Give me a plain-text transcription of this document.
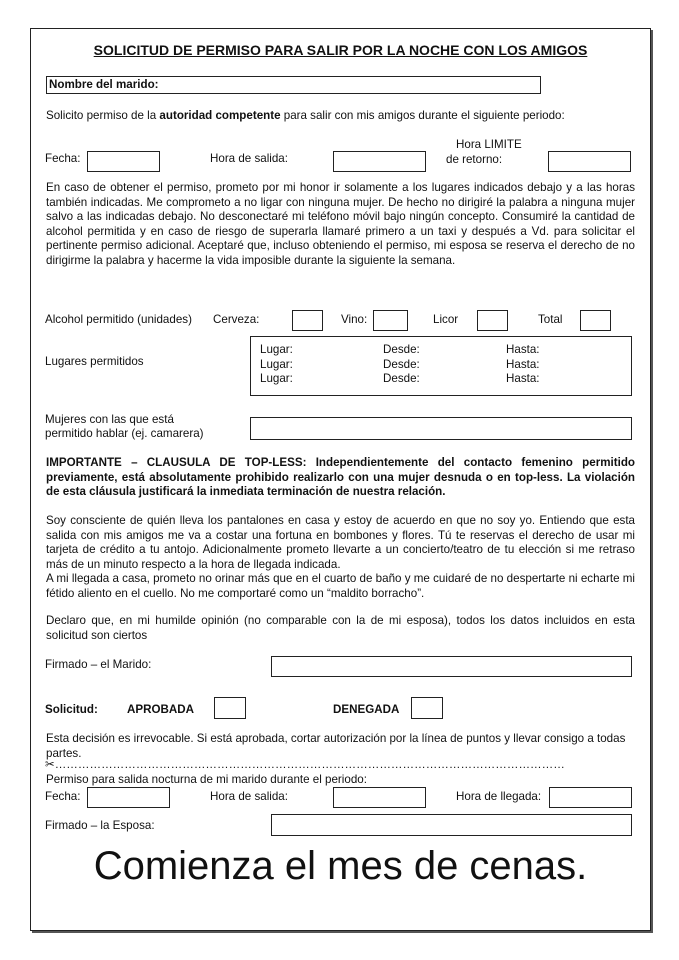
SOLICITUD DE PERMISO PARA SALIR POR LA NOCHE CON LOS AMIGOS
Nombre del marido:
Solicito permiso de la autoridad competente para salir con mis amigos durante el siguiente periodo:
Fecha:	Hora de salida:
Hora LIMITE
de retorno:
En caso de obtener el permiso, prometo por mi honor ir solamente a los lugares indicados debajo y a las horas también indicadas. Me comprometo a no ligar con ninguna mujer. De hecho no dirigiré la palabra a ninguna mujer salvo a las indicadas debajo. No desconectaré mi teléfono móvil bajo ningún concepto. Consumiré la cantidad de alcohol permitida y en caso de riesgo de superarla llamaré primero a un taxi y después a Vd. para solicitar el pertinente permiso adicional. Aceptaré que, incluso obteniendo el permiso, mi esposa se reserva el derecho de no dirigirme la palabra y hacerme la vida imposible durante la siguiente la semana.
Alcohol permitido (unidades) Cerveza:	Vino:	Licor	Total
Lugares permitidos
Lugar:	Desde:	Hasta:
Lugar:	Desde:	Hasta:
Lugar:	Desde:	Hasta:
Mujeres con las que está
permitido hablar (ej. camarera)
IMPORTANTE – CLAUSULA DE TOP-LESS: Independientemente del contacto femenino permitido previamente, está absolutamente prohibido realizarlo con una mujer desnuda o en top-less. La violación de esta cláusula justificará la inmediata terminación de nuestra relación.
Soy consciente de quién lleva los pantalones en casa y estoy de acuerdo en que no soy yo. Entiendo que esta salida con mis amigos me va a costar una fortuna en bombones y flores. Tú te reservas el derecho de usar mi tarjeta de crédito a tu antojo. Adicionalmente prometo llevarte a un concierto/teatro de tu elección si me retraso más de un minuto respecto a la hora de llegada indicada.
A mi llegada a casa, prometo no orinar más que en el cuarto de baño y me cuidaré de no despertarte ni echarte mi fétido aliento en el cuello. No me comportaré como un “maldito borracho”.
Declaro que, en mi humilde opinión (no comparable con la de mi esposa), todos los datos incluidos en esta solicitud son ciertos
Firmado – el Marido:
Solicitud:	APROBADA	DENEGADA
Esta decisión es irrevocable. Si está aprobada, cortar autorización por la línea de puntos y llevar consigo a todas partes.
✂……………………………………………………………………………………………………………………
Permiso para salida nocturna de mi marido durante el periodo:
Fecha:	Hora de salida:	Hora de llegada:
Firmado – la Esposa:
Comienza el mes de cenas.
